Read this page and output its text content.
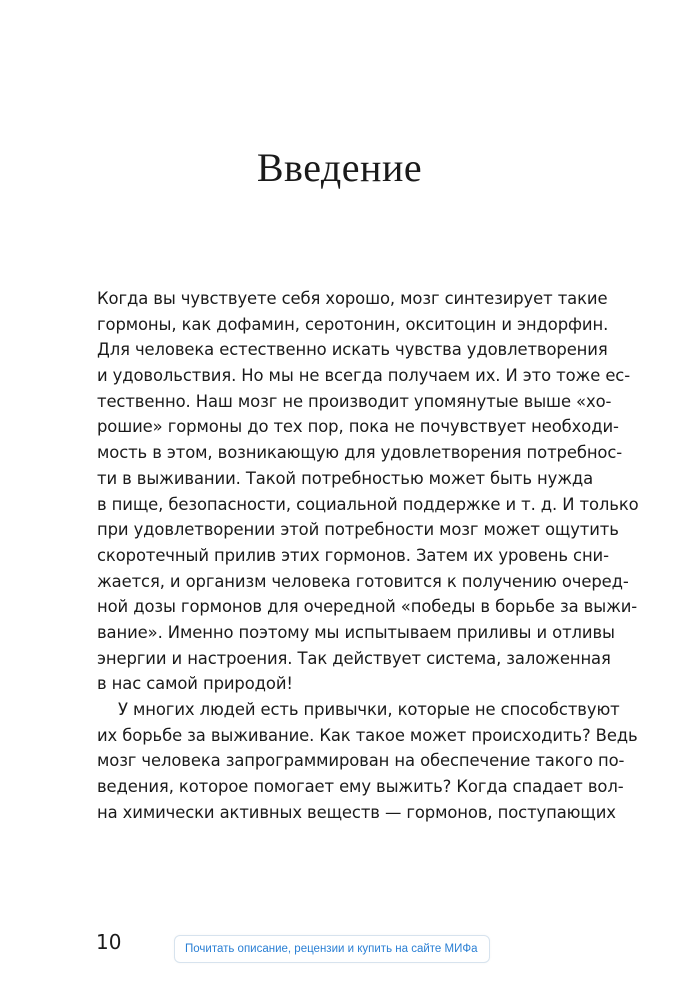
Введение
Когда вы чувствуете себя хорошо, мозг синтезирует такие
гормоны, как дофамин, серотонин, окситоцин и эндорфин.
Для человека естественно искать чувства удовлетворения
и удовольствия. Но мы не всегда получаем их. И это тоже ес-
тественно. Наш мозг не производит упомянутые выше «хо-
рошие» гормоны до тех пор, пока не почувствует необходи-
мость в этом, возникающую для удовлетворения потребнос-
ти в выживании. Такой потребностью может быть нужда
в пище, безопасности, социальной поддержке и т. д. И только
при удовлетворении этой потребности мозг может ощутить
скоротечный прилив этих гормонов. Затем их уровень сни-
жается, и организм человека готовится к получению очеред-
ной дозы гормонов для очередной «победы в борьбе за выжи-
вание». Именно поэтому мы испытываем приливы и отливы
энергии и настроения. Так действует система, заложенная
в нас самой природой!
У многих людей есть привычки, которые не способствуют
их борьбе за выживание. Как такое может происходить? Ведь
мозг человека запрограммирован на обеспечение такого по-
ведения, которое помогает ему выжить? Когда спадает вол-
на химически активных веществ — гормонов, поступающих
10	Почитать описание, рецензии и купить на сайте МИФа
